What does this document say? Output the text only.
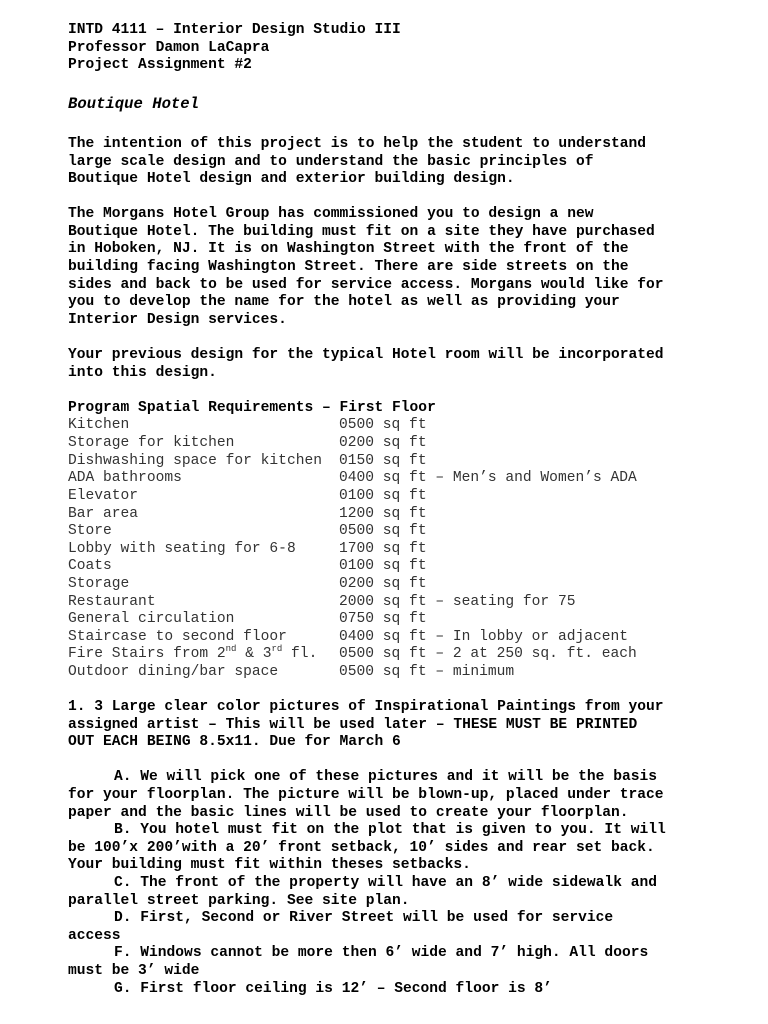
INTD 4111 – Interior Design Studio III
Professor Damon LaCapra
Project Assignment #2
Boutique Hotel
The intention of this project is to help the student to understand
large scale design and to understand the basic principles of
Boutique Hotel design and exterior building design.
The Morgans Hotel Group has commissioned you to design a new
Boutique Hotel. The building must fit on a site they have purchased
in Hoboken, NJ. It is on Washington Street with the front of the
building facing Washington Street. There are side streets on the
sides and back to be used for service access. Morgans would like for
you to develop the name for the hotel as well as providing your
Interior Design services.
Your previous design for the typical Hotel room will be incorporated
into this design.
Program Spatial Requirements – First Floor
Kitchen	0500 sq ft
Storage for kitchen	0200 sq ft
Dishwashing space for kitchen 0150 sq ft
ADA bathrooms	0400 sq ft – Men’s and Women’s ADA
Elevator	0100 sq ft
Bar area	1200 sq ft
Store	0500 sq ft
Lobby with seating for 6-8	1700 sq ft
Coats	0100 sq ft
Storage	0200 sq ft
Restaurant	2000 sq ft – seating for 75
General circulation	0750 sq ft
Staircase to second floor	0400 sq ft – In lobby or adjacent
Fire Stairs from 2nd & 3rd fl. 0500 sq ft – 2 at 250 sq. ft. each
Outdoor dining/bar space	0500 sq ft – minimum
1. 3 Large clear color pictures of Inspirational Paintings from your
assigned artist – This will be used later – THESE MUST BE PRINTED
OUT EACH BEING 8.5x11. Due for March 6
A. We will pick one of these pictures and it will be the basis
for your floorplan. The picture will be blown-up, placed under trace
paper and the basic lines will be used to create your floorplan.
B. You hotel must fit on the plot that is given to you. It will
be 100’x 200’with a 20’ front setback, 10’ sides and rear set back.
Your building must fit within theses setbacks.
C. The front of the property will have an 8’ wide sidewalk and
parallel street parking. See site plan.
D. First, Second or River Street will be used for service
access
F. Windows cannot be more then 6’ wide and 7’ high. All doors
must be 3’ wide
G. First floor ceiling is 12’ – Second floor is 8’
